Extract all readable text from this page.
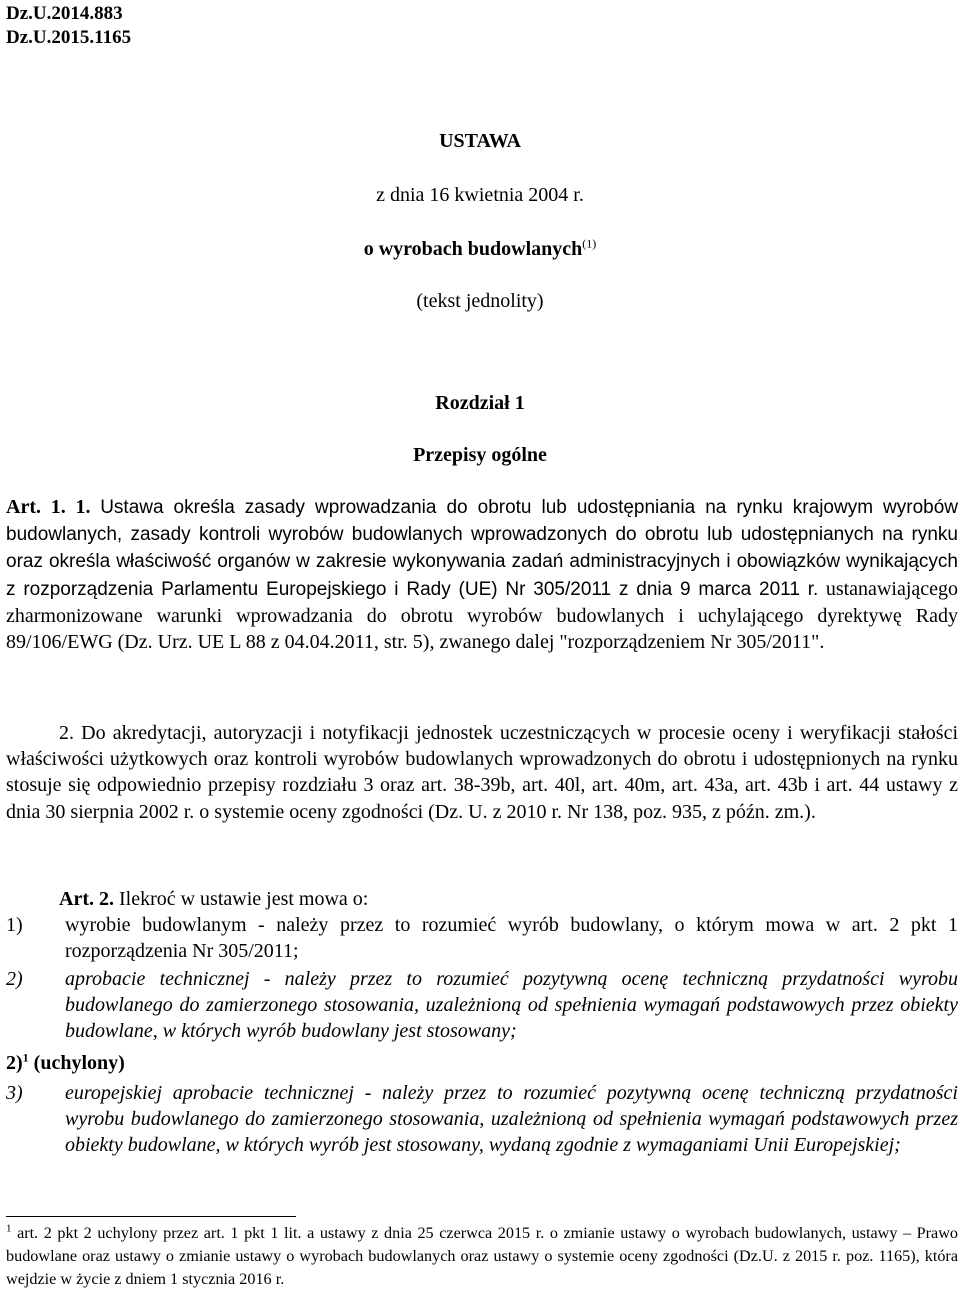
Dz.U.2014.883
Dz.U.2015.1165
USTAWA
z dnia 16 kwietnia 2004 r.
o wyrobach budowlanych$^{(1)}$
(tekst jednolity)
Rozdział 1
Przepisy ogólne
Art. 1. 1. Ustawa określa zasady wprowadzania do obrotu lub udostępniania na rynku krajowym wyrobów budowlanych, zasady kontroli wyrobów budowlanych wprowadzonych do obrotu lub udostępnianych na rynku oraz określa właściwość organów w zakresie wykonywania zadań administracyjnych i obowiązków wynikających z rozporządzenia Parlamentu Europejskiego i Rady (UE) Nr 305/2011 z dnia 9 marca 2011 r. ustanawiającego zharmonizowane warunki wprowadzania do obrotu wyrobów budowlanych i uchylającego dyrektywę Rady 89/106/EWG (Dz. Urz. UE L 88 z 04.04.2011, str. 5), zwanego dalej "rozporządzeniem Nr 305/2011".
2. Do akredytacji, autoryzacji i notyfikacji jednostek uczestniczących w procesie oceny i weryfikacji stałości właściwości użytkowych oraz kontroli wyrobów budowlanych wprowadzonych do obrotu i udostępnionych na rynku stosuje się odpowiednio przepisy rozdziału 3 oraz art. 38-39b, art. 40l, art. 40m, art. 43a, art. 43b i art. 44 ustawy z dnia 30 sierpnia 2002 r. o systemie oceny zgodności (Dz. U. z 2010 r. Nr 138, poz. 935, z późn. zm.).
Art. 2. Ilekroć w ustawie jest mowa o:
1) wyrobie budowlanym - należy przez to rozumieć wyrób budowlany, o którym mowa w art. 2 pkt 1 rozporządzenia Nr 305/2011;
2) aprobacie technicznej - należy przez to rozumieć pozytywną ocenę techniczną przydatności wyrobu budowlanego do zamierzonego stosowania, uzależnioną od spełnienia wymagań podstawowych przez obiekty budowlane, w których wyrób budowlany jest stosowany;
2)$^1$ (uchylony)
3) europejskiej aprobacie technicznej - należy przez to rozumieć pozytywną ocenę techniczną przydatności wyrobu budowlanego do zamierzonego stosowania, uzależnioną od spełnienia wymagań podstawowych przez obiekty budowlane, w których wyrób jest stosowany, wydaną zgodnie z wymaganiami Unii Europejskiej;
$^1$ art. 2 pkt 2 uchylony przez art. 1 pkt 1 lit. a ustawy z dnia 25 czerwca 2015 r. o zmianie ustawy o wyrobach budowlanych, ustawy – Prawo budowlane oraz ustawy o zmianie ustawy o wyrobach budowlanych oraz ustawy o systemie oceny zgodności (Dz.U. z 2015 r. poz. 1165), która wejdzie w życie z dniem 1 stycznia 2016 r.
